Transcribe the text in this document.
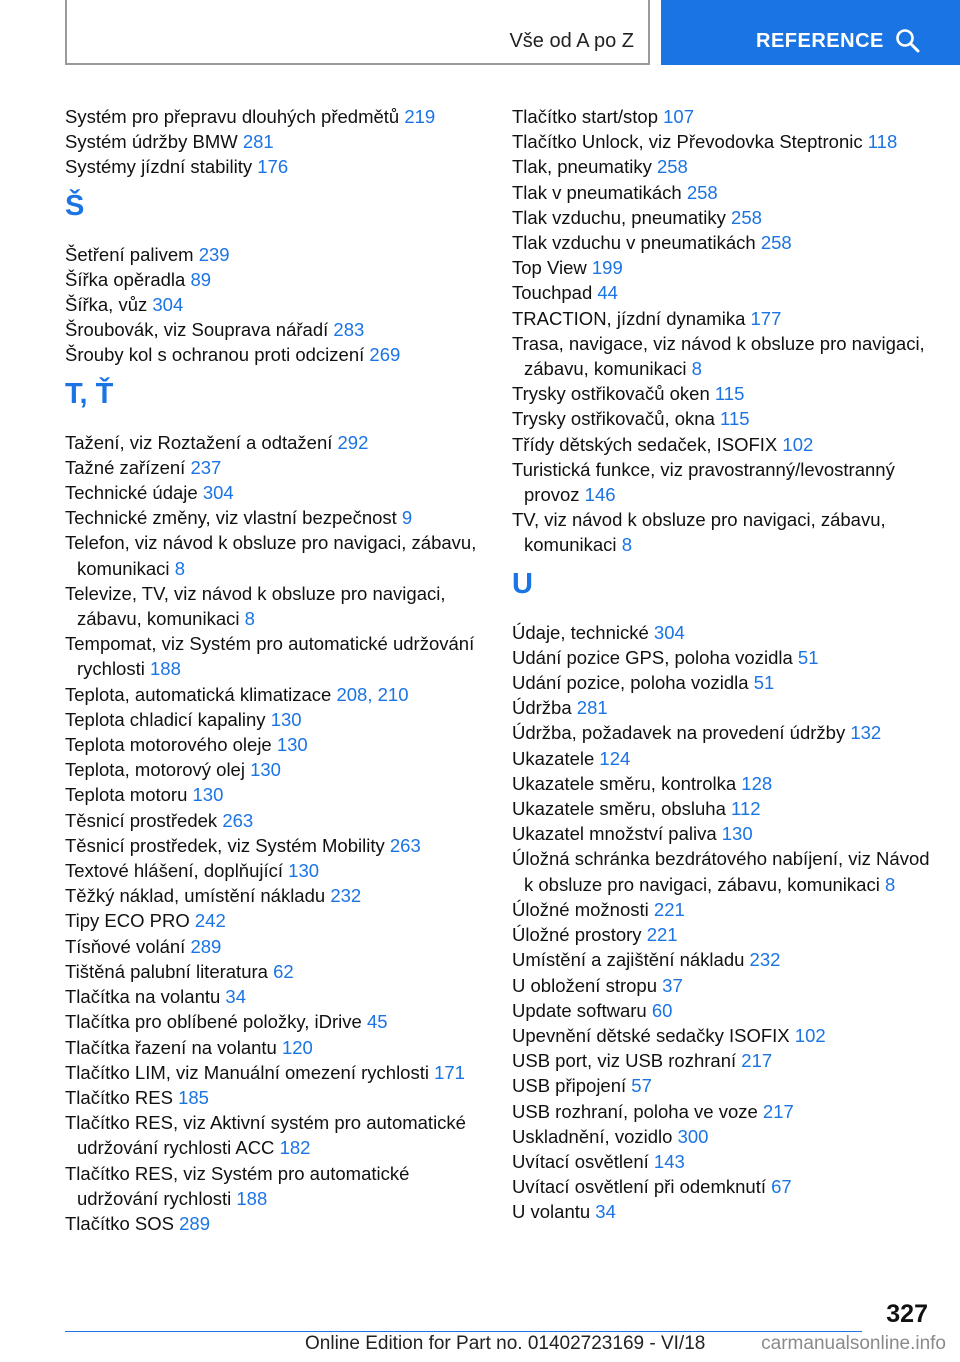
Vše od A po Z	REFERENCE
Systém pro přepravu dlouhých předmětů 219
Systém údržby BMW 281
Systémy jízdní stability 176
Š
Šetření palivem 239
Šířka opěradla 89
Šířka, vůz 304
Šroubovák, viz Souprava nářadí 283
Šrouby kol s ochranou proti odcizení 269
T, Ť
Tažení, viz Roztažení a odtažení 292
Tažné zařízení 237
Technické údaje 304
Technické změny, viz vlastní bezpečnost 9
Telefon, viz návod k obsluze pro navigaci, zábavu, komunikaci 8
Televize, TV, viz návod k obsluze pro navigaci, zábavu, komunikaci 8
Tempomat, viz Systém pro automatické udržování rychlosti 188
Teplota, automatická klimatizace 208, 210
Teplota chladicí kapaliny 130
Teplota motorového oleje 130
Teplota, motorový olej 130
Teplota motoru 130
Těsnicí prostředek 263
Těsnicí prostředek, viz Systém Mobility 263
Textové hlášení, doplňující 130
Těžký náklad, umístění nákladu 232
Tipy ECO PRO 242
Tísňové volání 289
Tištěná palubní literatura 62
Tlačítka na volantu 34
Tlačítka pro oblíbené položky, iDrive 45
Tlačítka řazení na volantu 120
Tlačítko LIM, viz Manuální omezení rychlosti 171
Tlačítko RES 185
Tlačítko RES, viz Aktivní systém pro automatické udržování rychlosti ACC 182
Tlačítko RES, viz Systém pro automatické udržování rychlosti 188
Tlačítko SOS 289
Tlačítko start/stop 107
Tlačítko Unlock, viz Převodovka Steptronic 118
Tlak, pneumatiky 258
Tlak v pneumatikách 258
Tlak vzduchu, pneumatiky 258
Tlak vzduchu v pneumatikách 258
Top View 199
Touchpad 44
TRACTION, jízdní dynamika 177
Trasa, navigace, viz návod k obsluze pro navigaci, zábavu, komunikaci 8
Trysky ostřikovačů oken 115
Trysky ostřikovačů, okna 115
Třídy dětských sedaček, ISOFIX 102
Turistická funkce, viz pravostranný/levostranný provoz 146
TV, viz návod k obsluze pro navigaci, zábavu, komunikaci 8
U
Údaje, technické 304
Udání pozice GPS, poloha vozidla 51
Udání pozice, poloha vozidla 51
Údržba 281
Údržba, požadavek na provedení údržby 132
Ukazatele 124
Ukazatele směru, kontrolka 128
Ukazatele směru, obsluha 112
Ukazatel množství paliva 130
Úložná schránka bezdrátového nabíjení, viz Návod k obsluze pro navigaci, zábavu, komunikaci 8
Úložné možnosti 221
Úložné prostory 221
Umístění a zajištění nákladu 232
U obložení stropu 37
Update softwaru 60
Upevnění dětské sedačky ISOFIX 102
USB port, viz USB rozhraní 217
USB připojení 57
USB rozhraní, poloha ve voze 217
Uskladnění, vozidlo 300
Uvítací osvětlení 143
Uvítací osvětlení při odemknutí 67
U volantu 34
327
Online Edition for Part no. 01402723169 - VI/18	carmanualsonline.info
